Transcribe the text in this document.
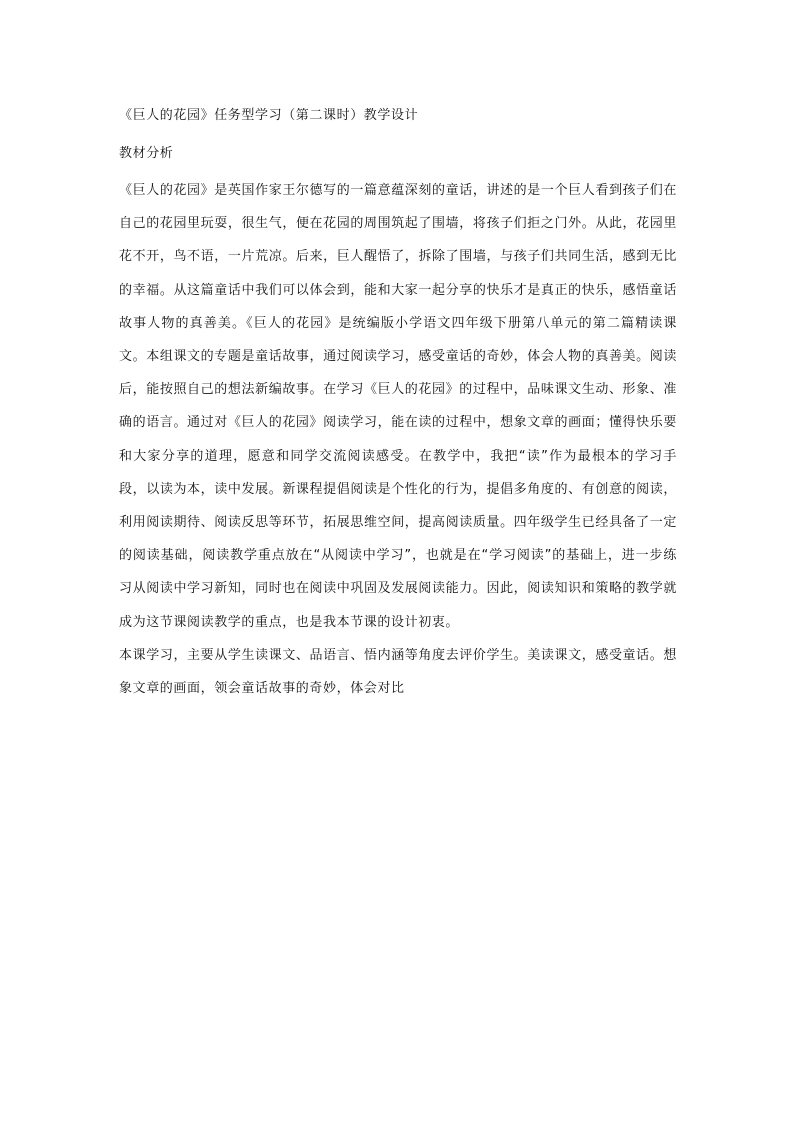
《巨人的花园》任务型学习（第二课时）教学设计
教材分析

《巨人的花园》是英国作家王尔德写的一篇意蕴深刻的童话，讲述的是一个巨人看到孩子们在自己的花园里玩耍，很生气，便在花园的周围筑起了围墙，将孩子们拒之门外。从此，花园里花不开，鸟不语，一片荒凉。后来，巨人醒悟了，拆除了围墙，与孩子们共同生活，感到无比的幸福。从这篇童话中我们可以体会到，能和大家一起分享的快乐才是真正的快乐，感悟童话故事人物的真善美。《巨人的花园》是统编版小学语文四年级下册第八单元的第二篇精读课文。本组课文的专题是童话故事，通过阅读学习，感受童话的奇妙，体会人物的真善美。阅读后，能按照自己的想法新编故事。在学习《巨人的花园》的过程中，品味课文生动、形象、准确的语言。通过对《巨人的花园》阅读学习，能在读的过程中，想象文章的画面；懂得快乐要和大家分享的道理，愿意和同学交流阅读感受。在教学中，我把“读”作为最根本的学习手段，以读为本，读中发展。新课程提倡阅读是个性化的行为，提倡多角度的、有创意的阅读，利用阅读期待、阅读反思等环节，拓展思维空间，提高阅读质量。四年级学生已经具备了一定的阅读基础，阅读教学重点放在“从阅读中学习”，也就是在“学习阅读”的基础上，进一步练习从阅读中学习新知，同时也在阅读中巩固及发展阅读能力。因此，阅读知识和策略的教学就成为这节课阅读教学的重点，也是我本节课的设计初衷。

本课学习，主要从学生读课文、品语言、悟内涵等角度去评价学生。美读课文，感受童话。想象文章的画面，领会童话故事的奇妙，体会对比
